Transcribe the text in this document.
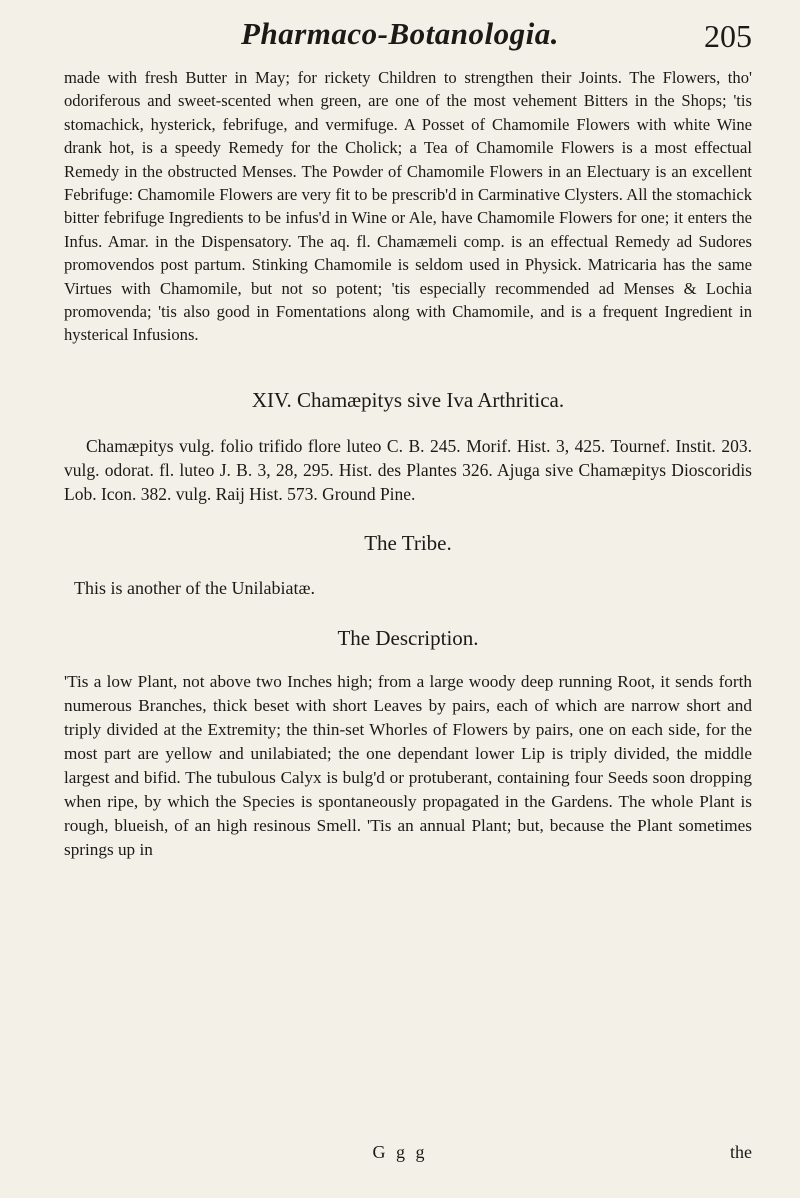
Pharmaco-Botanologia.	205

made with fresh Butter in May; for rickety Children to strengthen their Joints. The Flowers, tho' odoriferous and sweet-scented when green, are one of the most vehement Bitters in the Shops; 'tis stomachick, hysterick, febrifuge, and vermifuge. A Posset of Chamomile Flowers with white Wine drank hot, is a speedy Remedy for the Cholick; a Tea of Chamomile Flowers is a most effectual Remedy in the obstructed Menses. The Powder of Chamomile Flowers in an Electuary is an excellent Febrifuge: Chamomile Flowers are very fit to be prescrib'd in Carminative Clysters. All the stomachick bitter febrifuge Ingredients to be infus'd in Wine or Ale, have Chamomile Flowers for one; it enters the Infus. Amar. in the Dispensatory. The aq. fl. Chamæmeli comp. is an effectual Remedy ad Sudores promovendos post partum. Stinking Chamomile is seldom used in Physick. Matricaria has the same Virtues with Chamomile, but not so potent; 'tis especially recommended ad Menses & Lochia promovenda; 'tis also good in Fomentations along with Chamomile, and is a frequent Ingredient in hysterical Infusions.

XIV. Chamæpitys sive Iva Arthritica.

Chamæpitys vulg. folio trifido flore luteo C. B. 245. Morif. Hist. 3, 425. Tournef. Instit. 203. vulg. odorat. fl. luteo J. B. 3, 28, 295. Hist. des Plantes 326. Ajuga sive Chamæpitys Dioscoridis Lob. Icon. 382. vulg. Raij Hist. 573. Ground Pine.

The Tribe.

This is another of the Unilabiatæ.

The Description.

'Tis a low Plant, not above two Inches high; from a large woody deep running Root, it sends forth numerous Branches, thick beset with short Leaves by pairs, each of which are narrow short and triply divided at the Extremity; the thin-set Whorles of Flowers by pairs, one on each side, for the most part are yellow and unilabiated; the one dependant lower Lip is triply divided, the middle largest and bifid. The tubulous Calyx is bulg'd or protuberant, containing four Seeds soon dropping when ripe, by which the Species is spontaneously propagated in the Gardens. The whole Plant is rough, blueish, of an high resinous Smell. 'Tis an annual Plant; but, because the Plant sometimes springs up in

G g g	the
